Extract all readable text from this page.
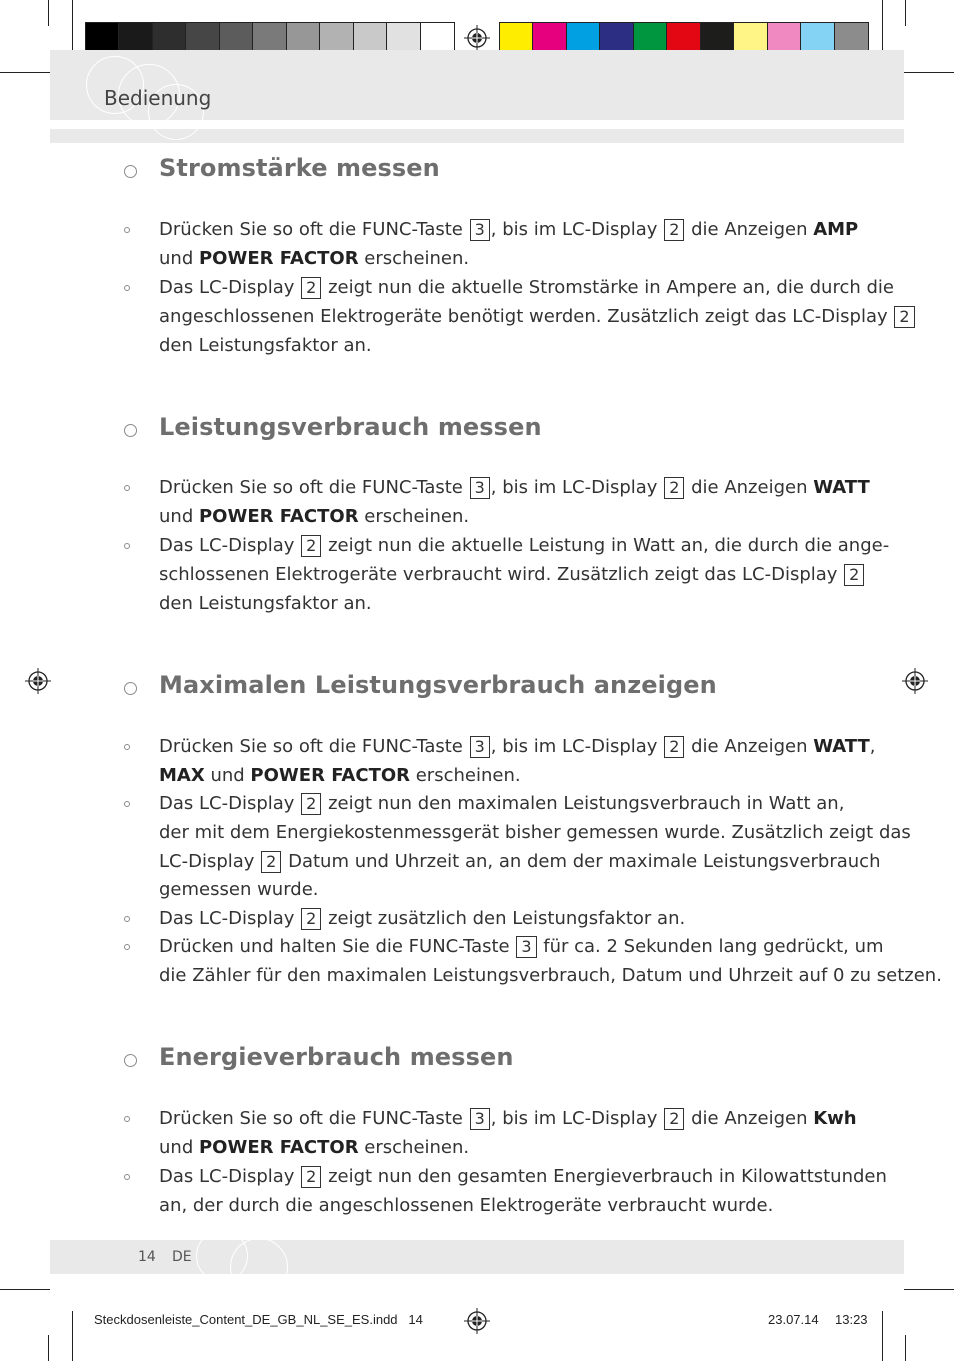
Bedienung
Stromstärke messen
Drücken Sie so oft die FUNC-Taste 3 , bis im LC-Display 2 die Anzeigen AMP
und POWER FACTOR erscheinen.
Das LC-Display 2 zeigt nun die aktuelle Stromstärke in Ampere an, die durch die
angeschlossenen Elektrogeräte benötigt werden. Zusätzlich zeigt das LC-Display 2
den Leistungsfaktor an.
Leistungsverbrauch messen
Drücken Sie so oft die FUNC-Taste 3 , bis im LC-Display 2 die Anzeigen WATT
und POWER FACTOR erscheinen.
Das LC-Display 2 zeigt nun die aktuelle Leistung in Watt an, die durch die ange-
schlossenen Elektrogeräte verbraucht wird. Zusätzlich zeigt das LC-Display 2
den Leistungsfaktor an.
Maximalen Leistungsverbrauch anzeigen
Drücken Sie so oft die FUNC-Taste 3 , bis im LC-Display 2 die Anzeigen WATT,
MAX und POWER FACTOR erscheinen.
Das LC-Display 2 zeigt nun den maximalen Leistungsverbrauch in Watt an,
der mit dem Energiekostenmessgerät bisher gemessen wurde. Zusätzlich zeigt das
LC-Display 2 Datum und Uhrzeit an, an dem der maximale Leistungsverbrauch
gemessen wurde.
Das LC-Display 2 zeigt zusätzlich den Leistungsfaktor an.
Drücken und halten Sie die FUNC-Taste 3 für ca. 2 Sekunden lang gedrückt, um
die Zähler für den maximalen Leistungsverbrauch, Datum und Uhrzeit auf 0 zu setzen.
Energieverbrauch messen
Drücken Sie so oft die FUNC-Taste 3 , bis im LC-Display 2 die Anzeigen Kwh
und POWER FACTOR erscheinen.
Das LC-Display 2 zeigt nun den gesamten Energieverbrauch in Kilowattstunden
an, der durch die angeschlossenen Elektrogeräte verbraucht wurde.
14 DE
Steckdosenleiste_Content_DE_GB_NL_SE_ES.indd   14	23.07.14 13:23
